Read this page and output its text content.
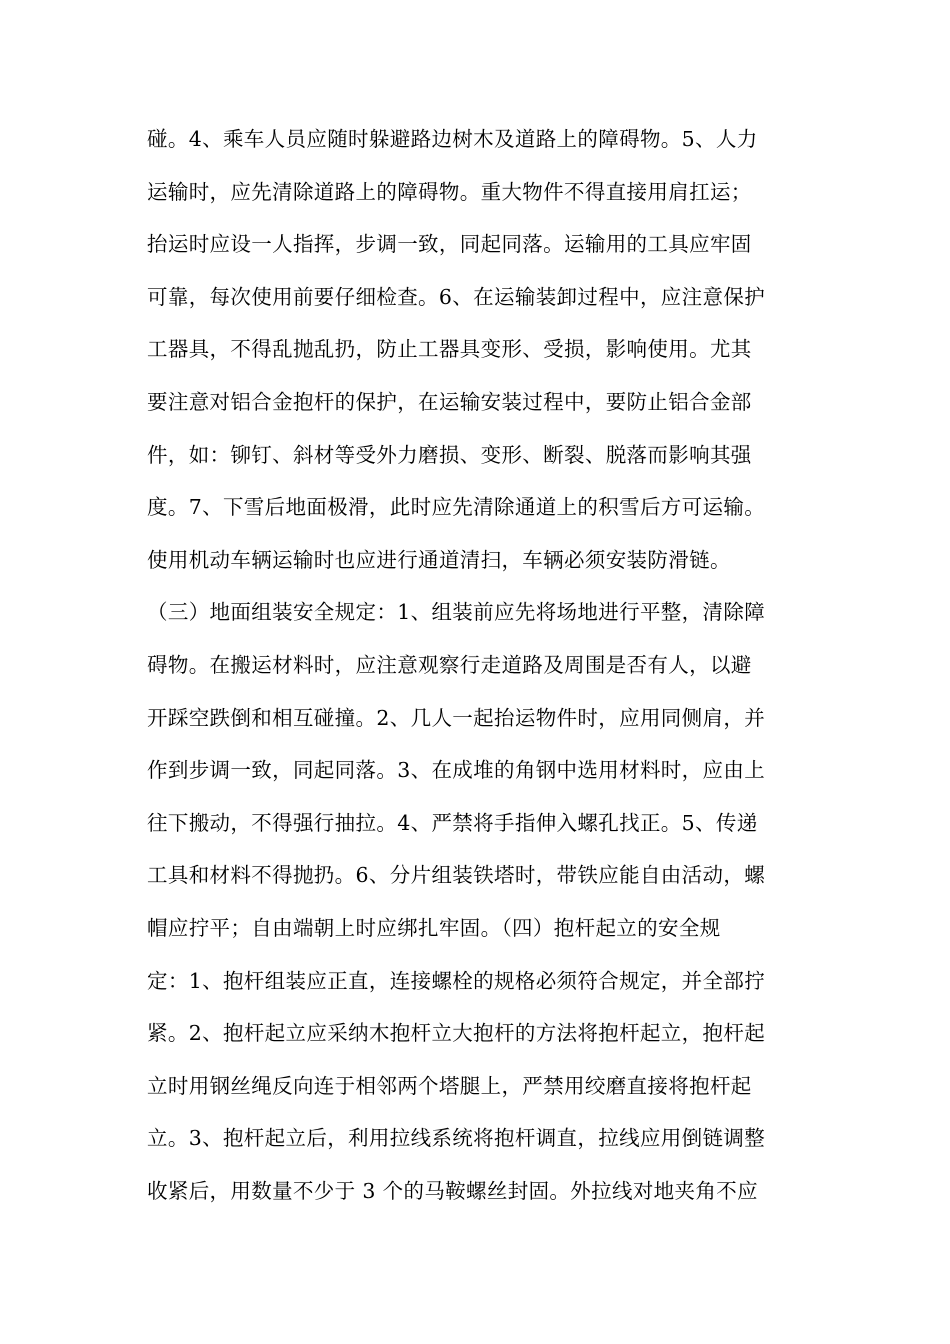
碰。4、乘车人员应随时躲避路边树木及道路上的障碍物。5、人力
运输时，应先清除道路上的障碍物。重大物件不得直接用肩扛运；
抬运时应设一人指挥，步调一致，同起同落。运输用的工具应牢固
可靠，每次使用前要仔细检查。6、在运输装卸过程中，应注意保护
工器具，不得乱抛乱扔，防止工器具变形、受损，影响使用。尤其
要注意对铝合金抱杆的保护，在运输安装过程中，要防止铝合金部
件，如：铆钉、斜材等受外力磨损、变形、断裂、脱落而影响其强
度。7、下雪后地面极滑，此时应先清除通道上的积雪后方可运输。
使用机动车辆运输时也应进行通道清扫，车辆必须安装防滑链。
（三）地面组装安全规定：1、组装前应先将场地进行平整，清除障
碍物。在搬运材料时，应注意观察行走道路及周围是否有人，以避
开踩空跌倒和相互碰撞。2、几人一起抬运物件时，应用同侧肩，并
作到步调一致，同起同落。3、在成堆的角钢中选用材料时，应由上
往下搬动，不得强行抽拉。4、严禁将手指伸入螺孔找正。5、传递
工具和材料不得抛扔。6、分片组装铁塔时，带铁应能自由活动，螺
帽应拧平；自由端朝上时应绑扎牢固。（四）抱杆起立的安全规
定：1、抱杆组装应正直，连接螺栓的规格必须符合规定，并全部拧
紧。2、抱杆起立应采纳木抱杆立大抱杆的方法将抱杆起立，抱杆起
立时用钢丝绳反向连于相邻两个塔腿上，严禁用绞磨直接将抱杆起
立。3、抱杆起立后，利用拉线系统将抱杆调直，拉线应用倒链调整
收紧后，用数量不少于 3 个的马鞍螺丝封固。外拉线对地夹角不应
